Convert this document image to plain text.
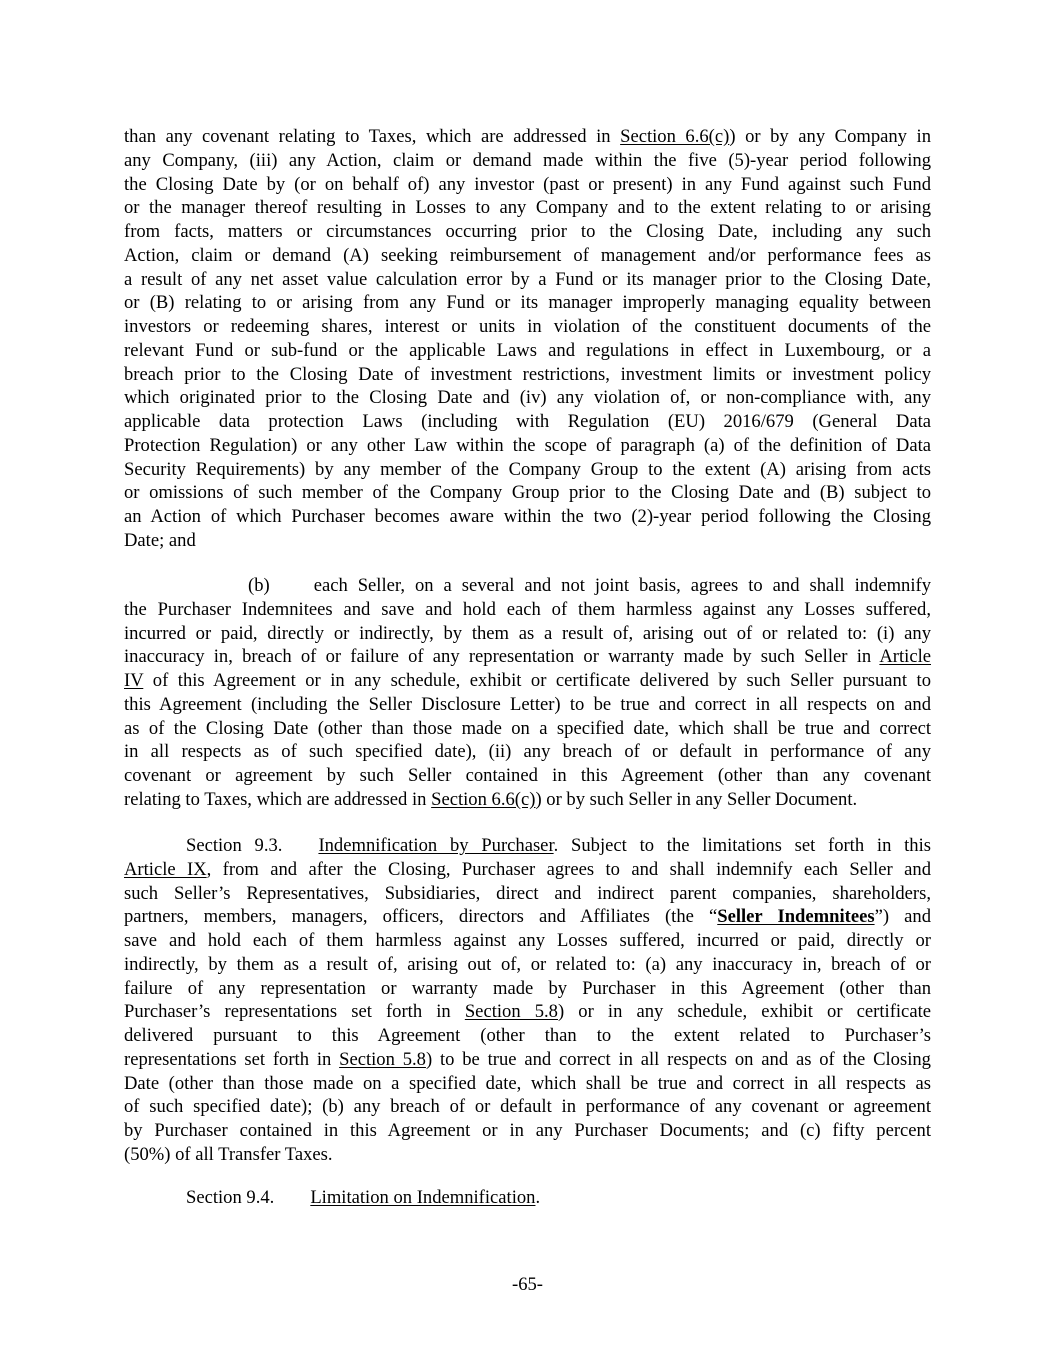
than any covenant relating to Taxes, which are addressed in Section 6.6(c)) or by any Company in
any Company, (iii) any Action, claim or demand made within the five (5)-year period following
the Closing Date by (or on behalf of) any investor (past or present) in any Fund against such Fund
or the manager thereof resulting in Losses to any Company and to the extent relating to or arising
from facts, matters or circumstances occurring prior to the Closing Date, including any such
Action, claim or demand (A) seeking reimbursement of management and/or performance fees as
a result of any net asset value calculation error by a Fund or its manager prior to the Closing Date,
or (B) relating to or arising from any Fund or its manager improperly managing equality between
investors or redeeming shares, interest or units in violation of the constituent documents of the
relevant Fund or sub-fund or the applicable Laws and regulations in effect in Luxembourg, or a
breach prior to the Closing Date of investment restrictions, investment limits or investment policy
which originated prior to the Closing Date and (iv) any violation of, or non-compliance with, any
applicable data protection Laws (including with Regulation (EU) 2016/679 (General Data
Protection Regulation) or any other Law within the scope of paragraph (a) of the definition of Data
Security Requirements) by any member of the Company Group to the extent (A) arising from acts
or omissions of such member of the Company Group prior to the Closing Date and (B) subject to
an Action of which Purchaser becomes aware within the two (2)-year period following the Closing
Date; and
(b) each Seller, on a several and not joint basis, agrees to and shall indemnify
the Purchaser Indemnitees and save and hold each of them harmless against any Losses suffered,
incurred or paid, directly or indirectly, by them as a result of, arising out of or related to: (i) any
inaccuracy in, breach of or failure of any representation or warranty made by such Seller in Article
IV of this Agreement or in any schedule, exhibit or certificate delivered by such Seller pursuant to
this Agreement (including the Seller Disclosure Letter) to be true and correct in all respects on and
as of the Closing Date (other than those made on a specified date, which shall be true and correct
in all respects as of such specified date), (ii) any breach of or default in performance of any
covenant or agreement by such Seller contained in this Agreement (other than any covenant
relating to Taxes, which are addressed in Section 6.6(c)) or by such Seller in any Seller Document.
Section 9.3. Indemnification by Purchaser. Subject to the limitations set forth in this
Article IX, from and after the Closing, Purchaser agrees to and shall indemnify each Seller and
such Seller’s Representatives, Subsidiaries, direct and indirect parent companies, shareholders,
partners, members, managers, officers, directors and Affiliates (the “Seller Indemnitees”) and
save and hold each of them harmless against any Losses suffered, incurred or paid, directly or
indirectly, by them as a result of, arising out of, or related to: (a) any inaccuracy in, breach of or
failure of any representation or warranty made by Purchaser in this Agreement (other than
Purchaser’s representations set forth in Section 5.8) or in any schedule, exhibit or certificate
delivered pursuant to this Agreement (other than to the extent related to Purchaser’s
representations set forth in Section 5.8) to be true and correct in all respects on and as of the Closing
Date (other than those made on a specified date, which shall be true and correct in all respects as
of such specified date); (b) any breach of or default in performance of any covenant or agreement
by Purchaser contained in this Agreement or in any Purchaser Documents; and (c) fifty percent
(50%) of all Transfer Taxes.
Section 9.4. Limitation on Indemnification.
-65-
